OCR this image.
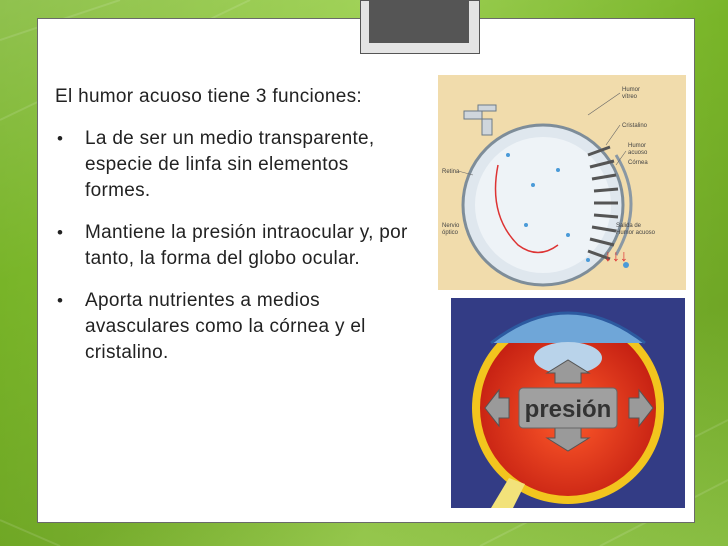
El humor acuoso tiene 3 funciones:

• La de ser un medio transparente, especie de linfa sin elementos formes.
• Mantiene la presión intraocular y, por tanto, la forma del globo ocular.
• Aporta nutrientes a medios avasculares como la córnea y el cristalino.
↓↓↓
Humor
vítreo
Cristalino
Humor
acuoso
Córnea
Retina
Salida de
Humor acuoso
Nervio
óptico
presión
